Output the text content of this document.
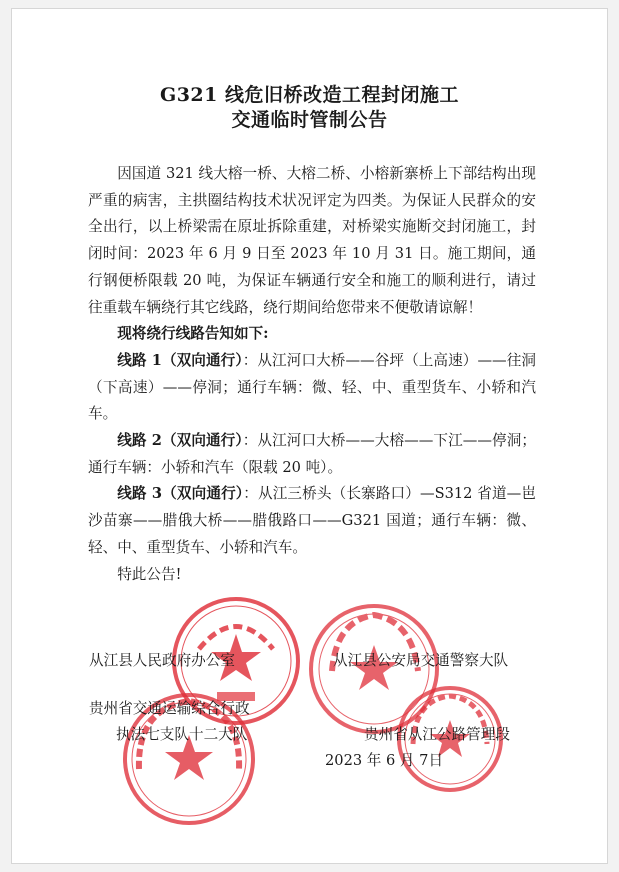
G321 线危旧桥改造工程封闭施工
交通临时管制公告

因国道 321 线大榕一桥、大榕二桥、小榕新寨桥上下部结构出现严重的病害，主拱圈结构技术状况评定为四类。为保证人民群众的安全出行，以上桥梁需在原址拆除重建，对桥梁实施断交封闭施工，封闭时间：2023 年 6 月 9 日至 2023 年 10 月 31 日。施工期间，通行钢便桥限载 20 吨，为保证车辆通行安全和施工的顺利进行，请过往重载车辆绕行其它线路，绕行期间给您带来不便敬请谅解！

现将绕行线路告知如下:

线路 1（双向通行）：从江河口大桥——谷坪（上高速）——往洞（下高速）——停洞；通行车辆：微、轻、中、重型货车、小轿和汽车。

线路 2（双向通行）：从江河口大桥——大榕——下江——停洞；通行车辆：小轿和汽车（限载 20 吨）。

线路 3（双向通行）：从江三桥头（长寨路口）—S312 省道—岜沙苗寨——腊俄大桥——腊俄路口——G321 国道；通行车辆：微、轻、中、重型货车、小轿和汽车。

特此公告!

从江县人民政府办公室	从江县公安局交通警察大队
贵州省交通运输综合行政
执法七支队十二大队	贵州省从江公路管理段
2023 年 6 月 7日
